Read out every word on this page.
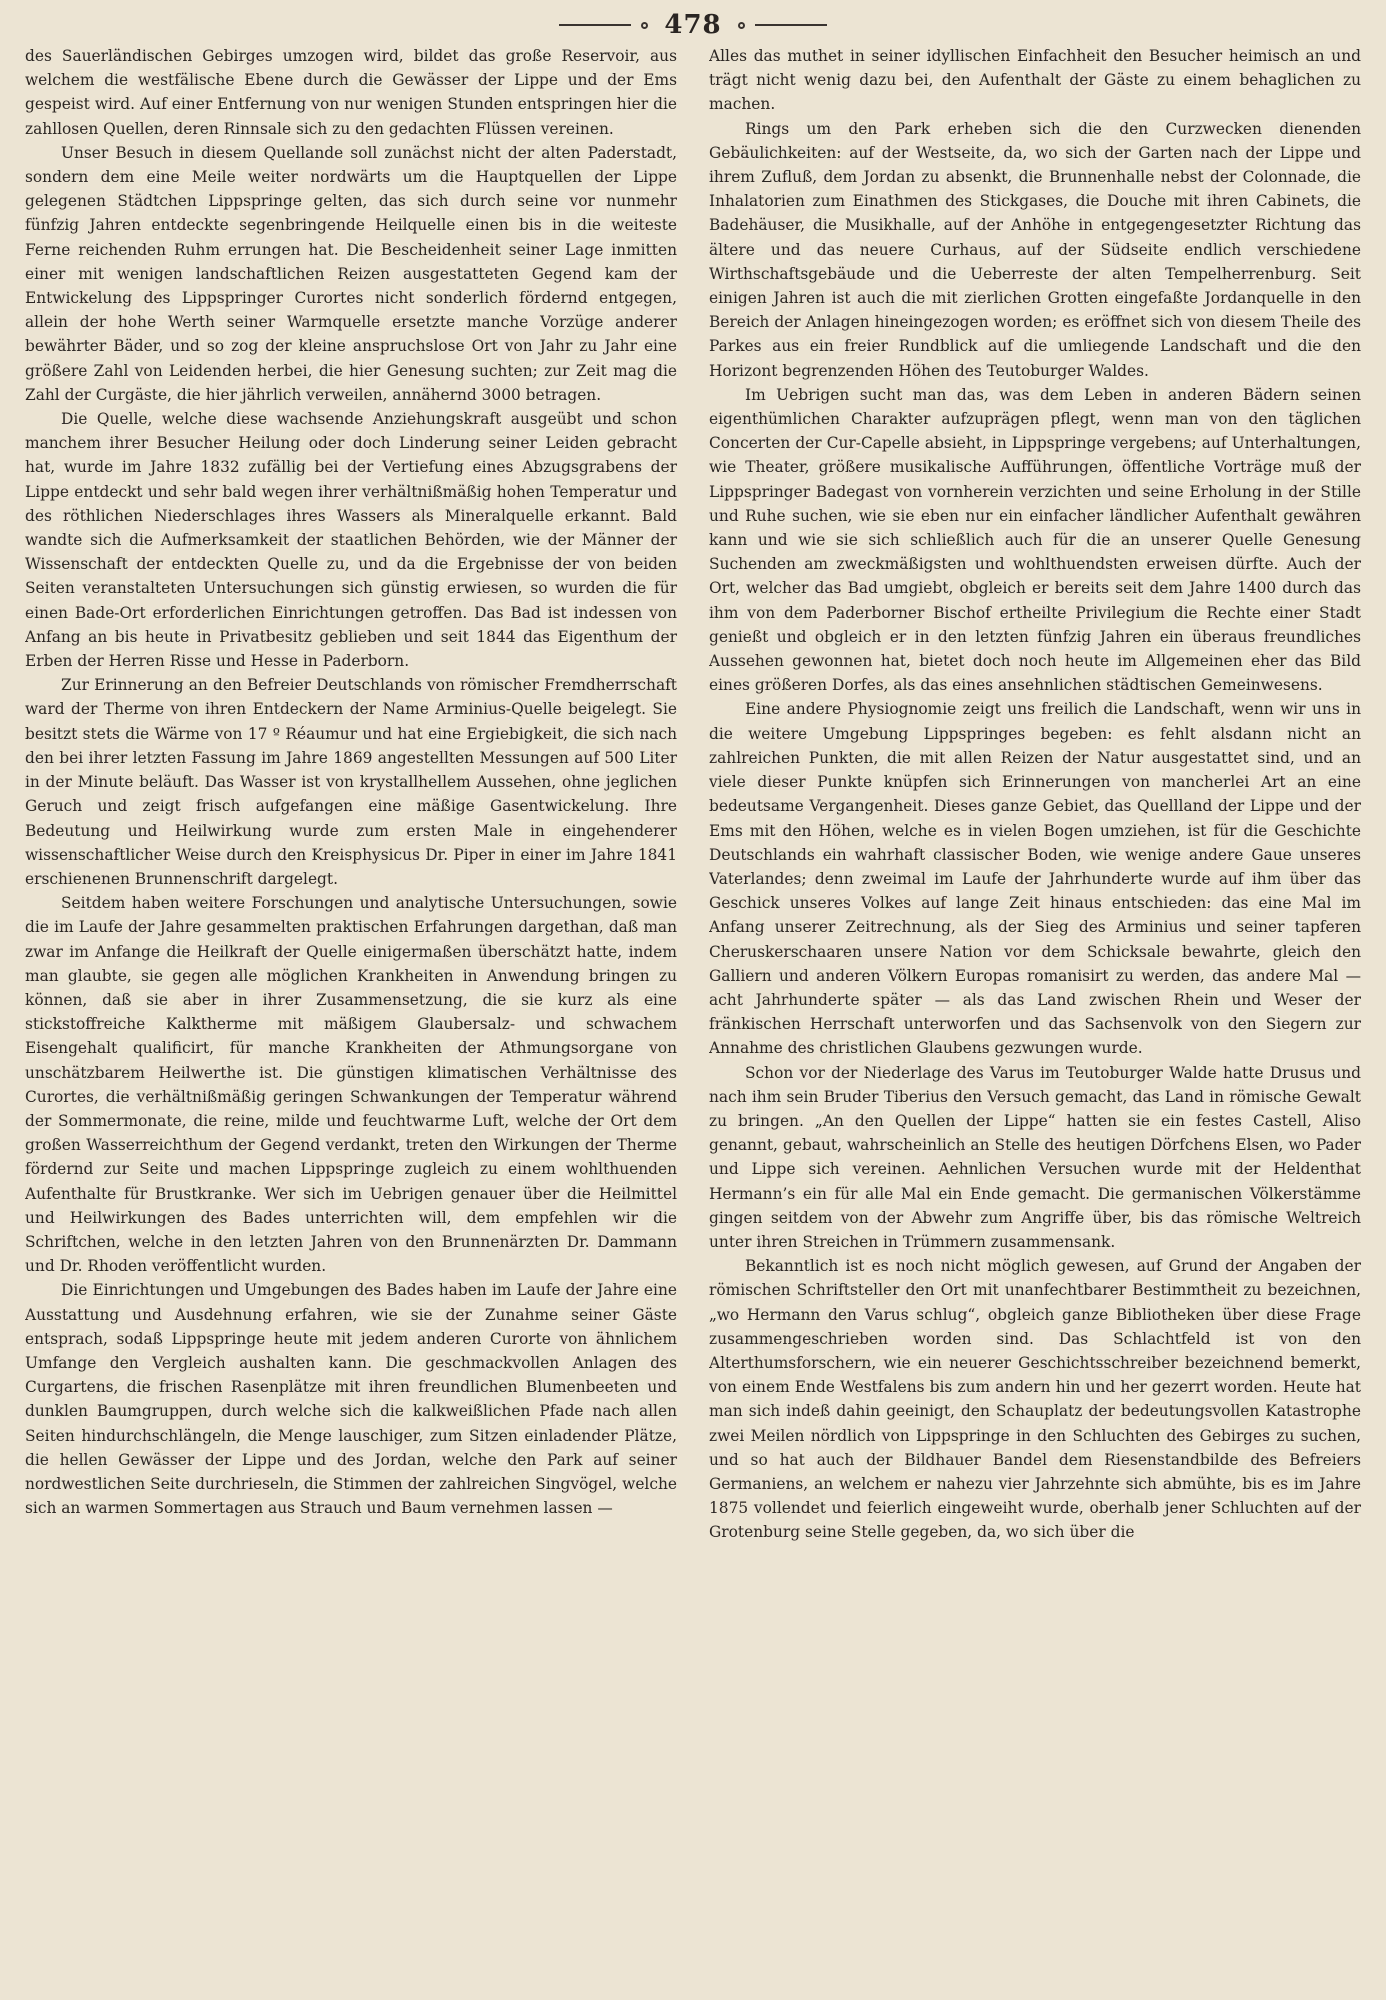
478

des Sauerländischen Gebirges umzogen wird, bildet das große Reservoir, aus welchem die westfälische Ebene durch die Gewässer der Lippe und der Ems gespeist wird. Auf einer Entfernung von nur wenigen Stunden entspringen hier die zahllosen Quellen, deren Rinnsale sich zu den gedachten Flüssen vereinen.

Unser Besuch in diesem Quellande soll zunächst nicht der alten Paderstadt, sondern dem eine Meile weiter nordwärts um die Hauptquellen der Lippe gelegenen Städtchen Lippspringe gelten, das sich durch seine vor nunmehr fünfzig Jahren entdeckte segenbringende Heilquelle einen bis in die weiteste Ferne reichenden Ruhm errungen hat. Die Bescheidenheit seiner Lage inmitten einer mit wenigen landschaftlichen Reizen ausgestatteten Gegend kam der Entwickelung des Lippspringer Curortes nicht sonderlich fördernd entgegen, allein der hohe Werth seiner Warmquelle ersetzte manche Vorzüge anderer bewährter Bäder, und so zog der kleine anspruchslose Ort von Jahr zu Jahr eine größere Zahl von Leidenden herbei, die hier Genesung suchten; zur Zeit mag die Zahl der Curgäste, die hier jährlich verweilen, annähernd 3000 betragen.

Die Quelle, welche diese wachsende Anziehungskraft ausgeübt und schon manchem ihrer Besucher Heilung oder doch Linderung seiner Leiden gebracht hat, wurde im Jahre 1832 zufällig bei der Vertiefung eines Abzugsgrabens der Lippe entdeckt und sehr bald wegen ihrer verhältnißmäßig hohen Temperatur und des röthlichen Niederschlages ihres Wassers als Mineralquelle erkannt. Bald wandte sich die Aufmerksamkeit der staatlichen Behörden, wie der Männer der Wissenschaft der entdeckten Quelle zu, und da die Ergebnisse der von beiden Seiten veranstalteten Untersuchungen sich günstig erwiesen, so wurden die für einen Bade-Ort erforderlichen Einrichtungen getroffen. Das Bad ist indessen von Anfang an bis heute in Privatbesitz geblieben und seit 1844 das Eigenthum der Erben der Herren Risse und Hesse in Paderborn.

Zur Erinnerung an den Befreier Deutschlands von römischer Fremdherrschaft ward der Therme von ihren Entdeckern der Name Arminius-Quelle beigelegt. Sie besitzt stets die Wärme von 17 º Réaumur und hat eine Ergiebigkeit, die sich nach den bei ihrer letzten Fassung im Jahre 1869 angestellten Messungen auf 500 Liter in der Minute beläuft. Das Wasser ist von krystallhellem Aussehen, ohne jeglichen Geruch und zeigt frisch aufgefangen eine mäßige Gasentwickelung. Ihre Bedeutung und Heilwirkung wurde zum ersten Male in eingehenderer wissenschaftlicher Weise durch den Kreisphysicus Dr. Piper in einer im Jahre 1841 erschienenen Brunnenschrift dargelegt.

Seitdem haben weitere Forschungen und analytische Untersuchungen, sowie die im Laufe der Jahre gesammelten praktischen Erfahrungen dargethan, daß man zwar im Anfange die Heilkraft der Quelle einigermaßen überschätzt hatte, indem man glaubte, sie gegen alle möglichen Krankheiten in Anwendung bringen zu können, daß sie aber in ihrer Zusammensetzung, die sie kurz als eine stickstoffreiche Kalktherme mit mäßigem Glaubersalz- und schwachem Eisengehalt qualificirt, für manche Krankheiten der Athmungsorgane von unschätzbarem Heilwerthe ist. Die günstigen klimatischen Verhältnisse des Curortes, die verhältnißmäßig geringen Schwankungen der Temperatur während der Sommermonate, die reine, milde und feuchtwarme Luft, welche der Ort dem großen Wasserreichthum der Gegend verdankt, treten den Wirkungen der Therme fördernd zur Seite und machen Lippspringe zugleich zu einem wohlthuenden Aufenthalte für Brustkranke. Wer sich im Uebrigen genauer über die Heilmittel und Heilwirkungen des Bades unterrichten will, dem empfehlen wir die Schriftchen, welche in den letzten Jahren von den Brunnenärzten Dr. Dammann und Dr. Rhoden veröffentlicht wurden.

Die Einrichtungen und Umgebungen des Bades haben im Laufe der Jahre eine Ausstattung und Ausdehnung erfahren, wie sie der Zunahme seiner Gäste entsprach, sodaß Lippspringe heute mit jedem anderen Curorte von ähnlichem Umfange den Vergleich aushalten kann. Die geschmackvollen Anlagen des Curgartens, die frischen Rasenplätze mit ihren freundlichen Blumenbeeten und dunklen Baumgruppen, durch welche sich die kalkweißlichen Pfade nach allen Seiten hindurchschlängeln, die Menge lauschiger, zum Sitzen einladender Plätze, die hellen Gewässer der Lippe und des Jordan, welche den Park auf seiner nordwestlichen Seite durchrieseln, die Stimmen der zahlreichen Singvögel, welche sich an warmen Sommertagen aus Strauch und Baum vernehmen lassen —

Alles das muthet in seiner idyllischen Einfachheit den Besucher heimisch an und trägt nicht wenig dazu bei, den Aufenthalt der Gäste zu einem behaglichen zu machen.

Rings um den Park erheben sich die den Curzwecken dienenden Gebäulichkeiten: auf der Westseite, da, wo sich der Garten nach der Lippe und ihrem Zufluß, dem Jordan zu absenkt, die Brunnenhalle nebst der Colonnade, die Inhalatorien zum Einathmen des Stickgases, die Douche mit ihren Cabinets, die Badehäuser, die Musikhalle, auf der Anhöhe in entgegengesetzter Richtung das ältere und das neuere Curhaus, auf der Südseite endlich verschiedene Wirthschaftsgebäude und die Ueberreste der alten Tempelherrenburg. Seit einigen Jahren ist auch die mit zierlichen Grotten eingefaßte Jordanquelle in den Bereich der Anlagen hineingezogen worden; es eröffnet sich von diesem Theile des Parkes aus ein freier Rundblick auf die umliegende Landschaft und die den Horizont begrenzenden Höhen des Teutoburger Waldes.

Im Uebrigen sucht man das, was dem Leben in anderen Bädern seinen eigenthümlichen Charakter aufzuprägen pflegt, wenn man von den täglichen Concerten der Cur-Capelle absieht, in Lippspringe vergebens; auf Unterhaltungen, wie Theater, größere musikalische Aufführungen, öffentliche Vorträge muß der Lippspringer Badegast von vornherein verzichten und seine Erholung in der Stille und Ruhe suchen, wie sie eben nur ein einfacher ländlicher Aufenthalt gewähren kann und wie sie sich schließlich auch für die an unserer Quelle Genesung Suchenden am zweckmäßigsten und wohlthuendsten erweisen dürfte. Auch der Ort, welcher das Bad umgiebt, obgleich er bereits seit dem Jahre 1400 durch das ihm von dem Paderborner Bischof ertheilte Privilegium die Rechte einer Stadt genießt und obgleich er in den letzten fünfzig Jahren ein überaus freundliches Aussehen gewonnen hat, bietet doch noch heute im Allgemeinen eher das Bild eines größeren Dorfes, als das eines ansehnlichen städtischen Gemeinwesens.

Eine andere Physiognomie zeigt uns freilich die Landschaft, wenn wir uns in die weitere Umgebung Lippspringes begeben: es fehlt alsdann nicht an zahlreichen Punkten, die mit allen Reizen der Natur ausgestattet sind, und an viele dieser Punkte knüpfen sich Erinnerungen von mancherlei Art an eine bedeutsame Vergangenheit. Dieses ganze Gebiet, das Quellland der Lippe und der Ems mit den Höhen, welche es in vielen Bogen umziehen, ist für die Geschichte Deutschlands ein wahrhaft classischer Boden, wie wenige andere Gaue unseres Vaterlandes; denn zweimal im Laufe der Jahrhunderte wurde auf ihm über das Geschick unseres Volkes auf lange Zeit hinaus entschieden: das eine Mal im Anfang unserer Zeitrechnung, als der Sieg des Arminius und seiner tapferen Cheruskerschaaren unsere Nation vor dem Schicksale bewahrte, gleich den Galliern und anderen Völkern Europas romanisirt zu werden, das andere Mal — acht Jahrhunderte später — als das Land zwischen Rhein und Weser der fränkischen Herrschaft unterworfen und das Sachsenvolk von den Siegern zur Annahme des christlichen Glaubens gezwungen wurde.

Schon vor der Niederlage des Varus im Teutoburger Walde hatte Drusus und nach ihm sein Bruder Tiberius den Versuch gemacht, das Land in römische Gewalt zu bringen. „An den Quellen der Lippe“ hatten sie ein festes Castell, Aliso genannt, gebaut, wahrscheinlich an Stelle des heutigen Dörfchens Elsen, wo Pader und Lippe sich vereinen. Aehnlichen Versuchen wurde mit der Heldenthat Hermann’s ein für alle Mal ein Ende gemacht. Die germanischen Völkerstämme gingen seitdem von der Abwehr zum Angriffe über, bis das römische Weltreich unter ihren Streichen in Trümmern zusammensank.

Bekanntlich ist es noch nicht möglich gewesen, auf Grund der Angaben der römischen Schriftsteller den Ort mit unanfechtbarer Bestimmtheit zu bezeichnen, „wo Hermann den Varus schlug“, obgleich ganze Bibliotheken über diese Frage zusammengeschrieben worden sind. Das Schlachtfeld ist von den Alterthumsforschern, wie ein neuerer Geschichtsschreiber bezeichnend bemerkt, von einem Ende Westfalens bis zum andern hin und her gezerrt worden. Heute hat man sich indeß dahin geeinigt, den Schauplatz der bedeutungsvollen Katastrophe zwei Meilen nördlich von Lippspringe in den Schluchten des Gebirges zu suchen, und so hat auch der Bildhauer Bandel dem Riesenstandbilde des Befreiers Germaniens, an welchem er nahezu vier Jahrzehnte sich abmühte, bis es im Jahre 1875 vollendet und feierlich eingeweiht wurde, oberhalb jener Schluchten auf der Grotenburg seine Stelle gegeben, da, wo sich über die
